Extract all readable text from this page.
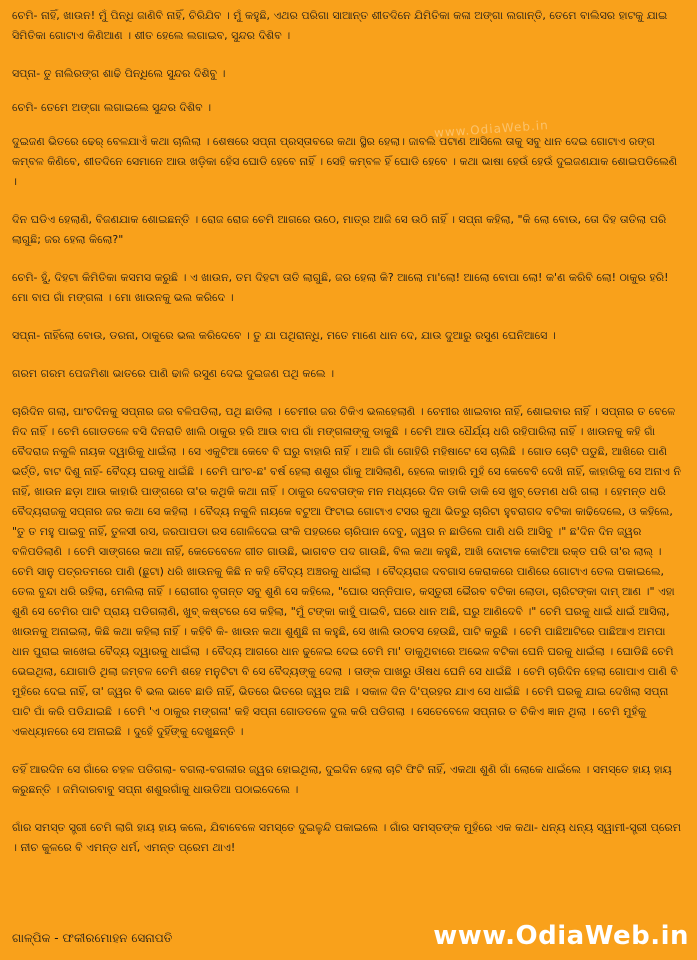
ଚେମି- ନାହିଁ, ଖାଉନ! ମୁଁ ପିନ୍ଧି ଜାଣିବି ନାହିଁ, ଚିରିଯିବ । ମୁଁ କହୁଛି, ଏଥର ପରିଗା ସାଆନ୍ତ ଶୀତଦିନେ ଯିମିତିକା କଳା ଅଙ୍ଗା ଲଗାନ୍ତି, ତେମେ ବାଲିସର ହାଟକୁ ଯାଇ ସିମିତିକା ଗୋଟାଏ କିଣିଆଣ । ଶୀତ ହେଲେ ଲଗାଇବ, ସୁନ୍ଦର ଦିଶିବ ।

ସପ୍ନା- ତୁ ନାଲିରଙ୍ଗ ଶାଢି ପିନ୍ଧିଲେ ସୁନ୍ଦର ଦିଶିବୁ ।

ଚେମି- ତେମେ ଅଙ୍ଗା ଲଗାଇଲେ ସୁନ୍ଦର ଦିଶିବ ।

ଦୁଇଜଣ ଭିତରେ ଢେର୍ ବେଳଯାଏଁ କଥା ଚାଲିଲା । ଶେଷରେ ସପ୍ନା ପ୍ରସ୍ତାବରେ କଥା ସ୍ଥିର ହେଲା। ଜାବଲି ପଟାଣ ଆସିଲେ ତାକୁ ସବୁ ଧାନ ଦେଇ ଗୋଟାଏ ରଙ୍ଗ କମ୍ବଳ କିଣିବେ, ଶୀତଦିନେ ସେମାନେ ଆଉ ଖଡ଼ିକା ହେଁସ ଘୋଡି ହେବେ ନାହିଁ । ସେହି କମ୍ବଳ ହିଁ ଘୋଡି ହେବେ । କଥା ଭାଷା ହେଉଁ ହେଉଁ ଦୁଇଜଣଯାକ ଶୋଇପଡିଲେଣି ।

ଦିନ ଘଡିଏ ହେଲାଣି, ବିଜଣଯାକ ଶୋଇଛନ୍ତି । ରୋଜ ରୋଜ ଚେମି ଆଗରେ ଉଠେ, ମାତ୍ର ଆଜି ସେ ଉଠି ନାହିଁ । ସପ୍ନା କହିଲା, "କି ଲୋ ବୋଉ, ତୋ ଦିହ ତାତିଲା ପରି ଲାଗୁଛି; ଜର ହେଲା କିଲୋ?"

ଚେମି- ହୁଁ, ଦିହଟା କିମିତିକା କସମସ କରୁଛି । ଏ ଖାଉନ, ତମ ଦିହଟା ତାତି ଲାଗୁଛି, ଜର ହେଲା କି? ଆଲୋ ମା'ଲୋ! ଆଲୋ ବୋପା ଲୋ! କ'ଣ କରିବି ଲୋ! ଠାକୁର ହରି! ମୋ ବାପ ଗାଁ ମଙ୍ଗଳା । ମୋ ଖାଉନକୁ ଭଲ କରିଦେ ।

ସପ୍ନା- ନାହିଁଲୋ ବୋଉ, ଡରନା, ଠାକୁରେ ଭଲ କରିଦେବେ । ତୁ ଯା ପଥିରାନ୍ଧି, ମତେ ମାଣେ ଧାନ ଦେ, ଯାଉ ଦୁଆରୁ ରସୁଣ ଘେନିଆସେ ।

ଗରମ ଗରମ ପେଜମିଶା ଭାତରେ ପାଣି ଢାଳି ରସୁଣ ଦେଇ ଦୁଇଜଣ ପଥି କଲେ ।

ଚାରିଦିନ ଗଲା, ପାଂଚଦିନକୁ ସପ୍ନାର ଜର ବଳିପଡିଲା, ପଥି ଛାଡିଲା । ଚେମୀର ଜର ଚିକିଏ ଭଲହେଲାଣି । ଚେମୀର ଖାଇବାର ନାହିଁ, ଶୋଇବାର ନାହିଁ । ସପ୍ନାର ତ ବେଳେ ନିଦ ନାହିଁ । ଚେମି ଗୋଡତଳେ ବସି ଦିନରାତି ଖାଲି ଠାକୁର ହରି ଆଉ ବାପ ଗାଁ ମଙ୍ଗଳାଙ୍କୁ ଡାକୁଛି । ଚେମି ଆଉ ଧୈର୍ଯ୍ୟ ଧରି ରହିପାରିଲା ନାହିଁ । ଖାଉନକୁ କହି ଗାଁ ବୈଦରାଜ ନକୁଳି ନାୟକ ଦ୍ୱାରିକୁ ଧାଇଁଲା । ସେ ଏକୁଟିଆ କେବେ ବି ଘରୁ ବାହାରି ନାହିଁ । ଆଜି ଗାଁ ଗୋହିରି ମହିଷାଟେ ସେ ଚାଲିଛି । ଗୋଡ ଚୋଟି ପଡୁଛି, ଆଖିରେ ପାଣି ଭର୍ତ୍ତି, ବାଟ ଦିଶୁ ନାହିଁ- ବୈଦ୍ୟ ଘରକୁ ଧାଇଁଛି । ଚେମି ପାଂଚ-ଛ' ବର୍ଷ ହେଲା ଶଶୁର ଗାଁକୁ ଆସିଲାଣି, ହେଲେ କାହାରି ମୁହଁ ସେ କେବେବି ଦେଖି ନାହିଁ, କାହାରିକୁ ସେ ଅନାଏ ନି ନାହିଁ, ଖାଉନ ଛଡ଼ା ଆଉ କାହାରି ପାଙ୍ଗରେ ତା'ର କଥିକି କଥା ନାହିଁ । ଠାକୁର ଦେବତାଙ୍କ ମନ ମଧ୍ୟରେ ଦିନ ଡାକି ଡାକି ସେ ଖୁବ୍ ଡେମଣ ଧରି ଗଲା । ହେମନ୍ତ ଧରି ବୈଦ୍ୟରାଜକୁ ସପ୍ନାର ଜର କଥା ସେ କହିଲା । ବୈଦ୍ୟ ନକୁଳି ନାୟକେ ବଟୁଆ ଫିଟାଇ ଗୋଟାଏ ଟସର କୁଥା ଭିତରୁ ଚାରିଟା ହୁବରାଗଦ ବଟିକା କାଢିଦେଲେ, ଓ କହିଲେ, "ତୁ ତ ମହୁ ପାଇବୁ ନାହିଁ, ତୁଳସୀ ରସ, ଜରପାପଡା ରସ ଗୋଳିଦେଇ ତାଂକି ପହରରେ ଚାରିପାନ ଦେବୁ, ଜ୍ୱର ନ ଛାଡିଲେ ପାଣି ଧରି ଆସିବୁ ।" ଛ'ଦିନ ଦିନ ଜ୍ୱର ବଳିପଡିଲାଣି । ଚେମି ସାଙ୍ଗରେ କଥା ନାହିଁ, କେତେବେଳେ ଗୀତ ଗାଉଛି, ଭାଗବତ ପଦ ଗାଉଛି, ବିଲ କଥା କହୁଛି, ଆଖି ଦୋଟାକ କୋଟିଆ ରକ୍ତ ପରି ତା'ର ଲାଲ୍ । ଚେମି ସାନୁ ପତ୍ରତମରେ ପାଣି (ଛୁଟା) ଧରି ଖାଉନକୁ କିଛି ନ କହି ବୈଦ୍ୟ ଅଞ୍ଚରକୁ ଧାଇଁଲା । ବୈଦ୍ୟରାଜ ଦବଗାସ କେରାକରେ ପାଣିରେ ଗୋଟାଏ ତେଲ ପକାଇଲେ, ତେଲ ବୁନ୍ଦା ଧରି ରହିଲା, ମେଲିଲା ନାହିଁ । ରୋଗୀର ବୃତାନ୍ତ ସବୁ ଶୁଣି ସେ କହିଲେ, "ଘୋର ସନ୍ନିପାତ, କସ୍ତୁରୀ ଭୈରବ ବଟିକା ଲୋଡା, ଚାରିଟଙ୍କା ଦାମ୍ ଆଣ ।" ଏହା ଶୁଣି ସେ ଚେମିର ପାଟି ପ୍ରାୟ ପଡିଗଲାଣି, ଖୁବ୍ କଷ୍ଟରେ ସେ କହିଲା, "ମୁଁ ଟଙ୍କା କାହୁଁ ପାଇବି, ଘରେ ଧାନ ଅଛି, ଘରୁ ଆଣିଦେବି ।" ଚେମି ଘରକୁ ଧାଇଁ ଧାଇଁ ଆସିଲା, ଖାଉନକୁ ଅନାଇଲା, କିଛି କଥା କହିଲା ନାହିଁ । କହିବି କି- ଖାଉନ କଥା ଶୁଣୁଛି ନା କହୁଛି, ସେ ଖାଲି ଉଠବସ ହେଉଛି, ପାଟି କରୁଛି । ଚେମି ପାଛିଆଟିରେ ପାଛିଆଏ ଅମପା ଧାନ ପୁରାଇ କାଖେଇ ବୈଦ୍ୟ ଦ୍ୱାରକୁ ଧାଇଁଲା । ବୈଦ୍ୟ ଆଗରେ ଧାନ ଢୁଳେଇ ଦେଇ ଚେମି ମା' ଡାକୁଥିବାରେ ଅଭେଳ ବଟିକା ଘେନି ଘରକୁ ଧାଇଁଲା । ଘୋଡିଛି ଚେମି ଭେଇଥିଲା, ଯୋଗାଡି ଥିଲା ଜମ୍ବଳ ଚେମି ଶହେ ମନୁଟିଟା ବି ସେ ବୈଦ୍ୟଙ୍କୁ ଦେଲା । ତାଙ୍କ ପାଖରୁ ଔଷଧ ଘେନି ସେ ଧାଇଁଛି । ଚେମି ଚାରିଦିନ ହେଲା ଗୋପାଏ ପାଣି ବି ମୁହଁରେ ଦେଇ ନାହିଁ, ତା' ଜ୍ୱର ବି ଭଲ ଭାବେ ଛାଡି ନାହିଁ, ଭିତରେ ଭିତରେ ଜ୍ୱର ଅଛି । ସକାଳ ଦିନ ଦି'ପ୍ରହର ଯାଏ ସେ ଧାଇଁଛି । ଚେମି ଘରକୁ ଯାଇ ଦେଖିଲା ସପ୍ନା ପାଟି ପାଁ କରି ପଡିଯାଇଛି । ଚେମି 'ଏ ଠାକୁର ମଙ୍ଗଳା' କହି ସପ୍ନା ଗୋଡତଳେ ଦୁଲ କରି ପଡିଗଲା । ସେତେବେଳେ ସପ୍ନାର ତ ଚିକିଏ ଜ୍ଞାନ ଥିଲା । ଚେମି ମୁହଁକୁ ଏକଧ୍ୟାନରେ ସେ ଅନାଇଛି । ଦୁହେଁ ଦୁହିଁଙ୍କୁ ଦେଖୁଛନ୍ତି ।

ତହିଁ ଆରଦିନ ସେ ଗାଁରେ ଚହଳ ପଡିଗଲା- ବଗଲା-ବଗଲୀର ଜ୍ୱର ହୋଇଥିଲା, ଦୁଇଦିନ ହେଲା ଚାଟି ଫିଟି ନାହିଁ, ଏକଥା ଶୁଣି ଗାଁ ଲୋକେ ଧାଇଁଲେ । ସମସ୍ତେ ହାୟ ହାୟ କରୁଛନ୍ତି । ଜମିଦାରବାବୁ ସପ୍ନା ଶଶୁରଗାଁକୁ ଧାଉଡିଆ ପଠାଇଦେଲେ ।

ଗାଁର ସମସ୍ତ ସ୍ତ୍ରୀ ଚେମି ଲାଗି ହାୟ ହାୟ କଲେ, ଯିବାବେଳେ ସମସ୍ତେ ଦୁଇଳୁନ୍ଦି ପକାଇଲେ । ଗାଁର ସମସ୍ତଙ୍କ ମୁହଁରେ ଏକ କଥା- ଧନ୍ୟ ଧନ୍ୟ ସ୍ୱାମୀ-ସ୍ତ୍ରୀ ପ୍ରେମ । ନୀଚ କୁଳରେ ବି ଏମନ୍ତ ଧର୍ମ, ଏମନ୍ତ ପ୍ରେମ ଥାଏ!

www.OdiaWeb.in
ଗାଳ୍ପିକ - ଫକୀରମୋହନ ସେନାପତି	www.OdiaWeb.in
